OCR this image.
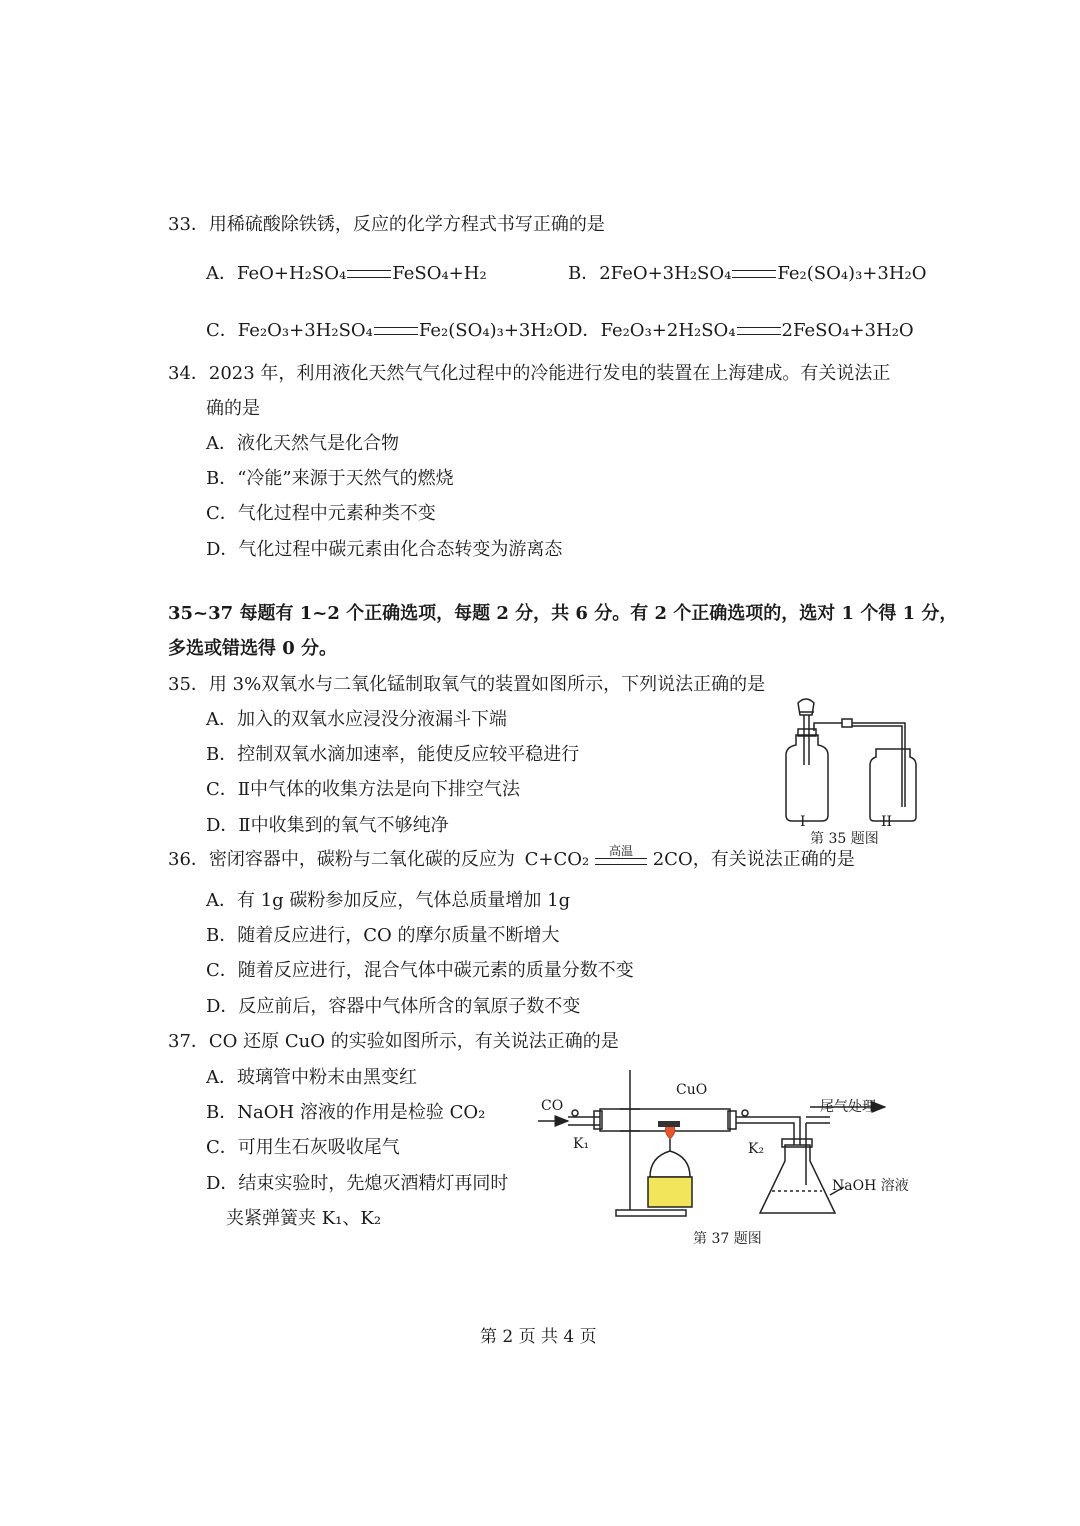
33．用稀硫酸除铁锈，反应的化学方程式书写正确的是
A．FeO+H₂SO₄	FeSO₄+H₂	B．2FeO+3H₂SO₄	Fe₂(SO₄)₃+3H₂O
C．Fe₂O₃+3H₂SO₄	Fe₂(SO₄)₃+3H₂O D．Fe₂O₃+2H₂SO₄	2FeSO₄+3H₂O
34．2023 年，利用液化天然气气化过程中的冷能进行发电的装置在上海建成。有关说法正
确的是
A．液化天然气是化合物
B．“冷能”来源于天然气的燃烧
C．气化过程中元素种类不变
D．气化过程中碳元素由化合态转变为游离态
35~37 每题有 1~2 个正确选项，每题 2 分，共 6 分。有 2 个正确选项的，选对 1 个得 1 分，
多选或错选得 0 分。
35．用 3%双氧水与二氧化锰制取氧气的装置如图所示，下列说法正确的是
A．加入的双氧水应浸没分液漏斗下端
B．控制双氧水滴加速率，能使反应较平稳进行
C．Ⅱ中气体的收集方法是向下排空气法
D．Ⅱ中收集到的氧气不够纯净	I	II
第 35 题图
36．密闭容器中，碳粉与二氧化碳的反应为 C+CO₂	高温	2CO，有关说法正确的是
A．有 1g 碳粉参加反应，气体总质量增加 1g
B．随着反应进行，CO 的摩尔质量不断增大
C．随着反应进行，混合气体中碳元素的质量分数不变
D．反应前后，容器中气体所含的氧原子数不变
37．CO 还原 CuO 的实验如图所示，有关说法正确的是
A．玻璃管中粉末由黑变红
B．NaOH 溶液的作用是检验 CO₂
C．可用生石灰吸收尾气
D．结束实验时，先熄灭酒精灯再同时
夹紧弹簧夹 K₁、K₂
CO
CuO
K₁	K₂
尾气处理
NaOH 溶液
第 37 题图
第 2 页 共 4 页
